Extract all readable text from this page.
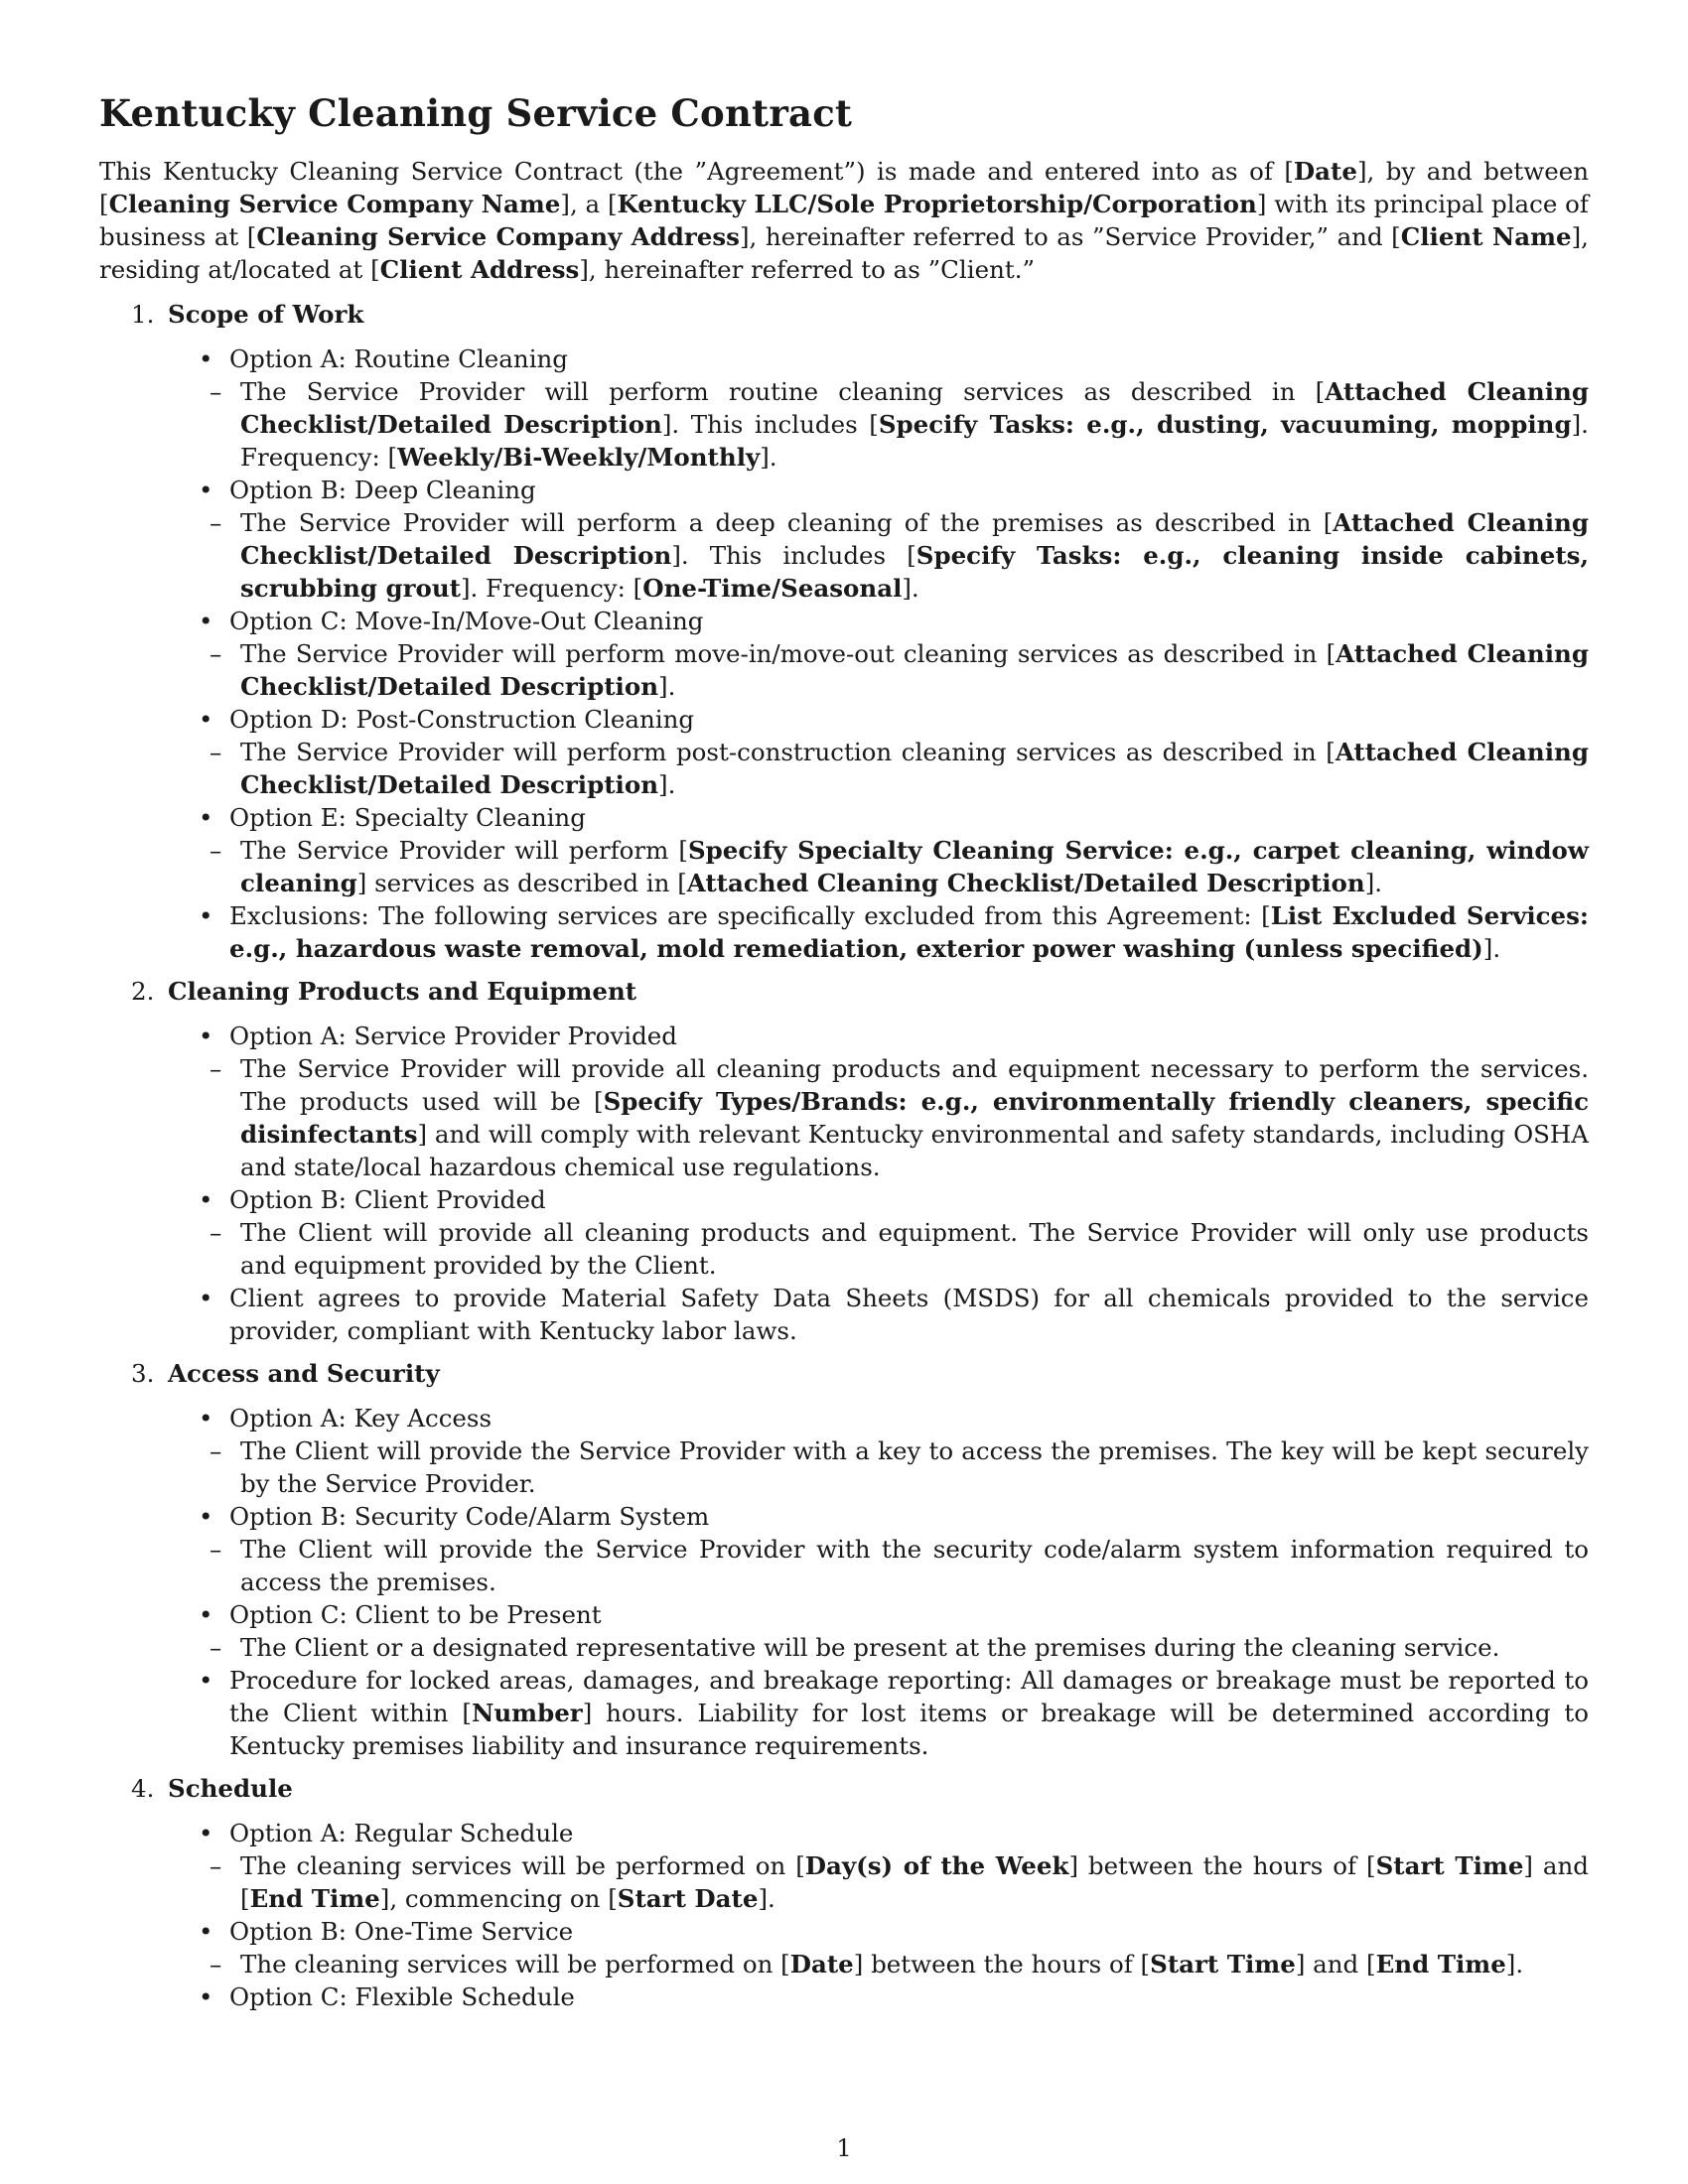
Kentucky Cleaning Service Contract

This Kentucky Cleaning Service Contract (the ”Agreement”) is made and entered into as of [Date], by and between [Cleaning Service Company Name], a [Kentucky LLC/Sole Proprietorship/Corporation] with its principal place of business at [Cleaning Service Company Address], hereinafter referred to as ”Service Provider,” and [Client Name], residing at/located at [Client Address], hereinafter referred to as ”Client.”

1. Scope of Work
• Option A: Routine Cleaning
– The Service Provider will perform routine cleaning services as described in [Attached Cleaning Checklist/Detailed Description]. This includes [Specify Tasks: e.g., dusting, vacuuming, mopping]. Frequency: [Weekly/Bi-Weekly/Monthly].
• Option B: Deep Cleaning
– The Service Provider will perform a deep cleaning of the premises as described in [Attached Cleaning Checklist/Detailed Description]. This includes [Specify Tasks: e.g., cleaning inside cabinets, scrubbing grout]. Frequency: [One-Time/Seasonal].
• Option C: Move-In/Move-Out Cleaning
– The Service Provider will perform move-in/move-out cleaning services as described in [Attached Cleaning Checklist/Detailed Description].
• Option D: Post-Construction Cleaning
– The Service Provider will perform post-construction cleaning services as described in [Attached Cleaning Checklist/Detailed Description].
• Option E: Specialty Cleaning
– The Service Provider will perform [Specify Specialty Cleaning Service: e.g., carpet cleaning, window cleaning] services as described in [Attached Cleaning Checklist/Detailed Description].
• Exclusions: The following services are specifically excluded from this Agreement: [List Excluded Services: e.g., hazardous waste removal, mold remediation, exterior power washing (unless specified)].
2. Cleaning Products and Equipment
• Option A: Service Provider Provided
– The Service Provider will provide all cleaning products and equipment necessary to perform the services. The products used will be [Specify Types/Brands: e.g., environmentally friendly cleaners, specific disinfectants] and will comply with relevant Kentucky environmental and safety standards, including OSHA and state/local hazardous chemical use regulations.
• Option B: Client Provided
– The Client will provide all cleaning products and equipment. The Service Provider will only use products and equipment provided by the Client.
• Client agrees to provide Material Safety Data Sheets (MSDS) for all chemicals provided to the service provider, compliant with Kentucky labor laws.
3. Access and Security
• Option A: Key Access
– The Client will provide the Service Provider with a key to access the premises. The key will be kept securely by the Service Provider.
• Option B: Security Code/Alarm System
– The Client will provide the Service Provider with the security code/alarm system information required to access the premises.
• Option C: Client to be Present
– The Client or a designated representative will be present at the premises during the cleaning service.
• Procedure for locked areas, damages, and breakage reporting: All damages or breakage must be reported to the Client within [Number] hours. Liability for lost items or breakage will be determined according to Kentucky premises liability and insurance requirements.
4. Schedule
• Option A: Regular Schedule
– The cleaning services will be performed on [Day(s) of the Week] between the hours of [Start Time] and [End Time], commencing on [Start Date].
• Option B: One-Time Service
– The cleaning services will be performed on [Date] between the hours of [Start Time] and [End Time].
• Option C: Flexible Schedule
1
